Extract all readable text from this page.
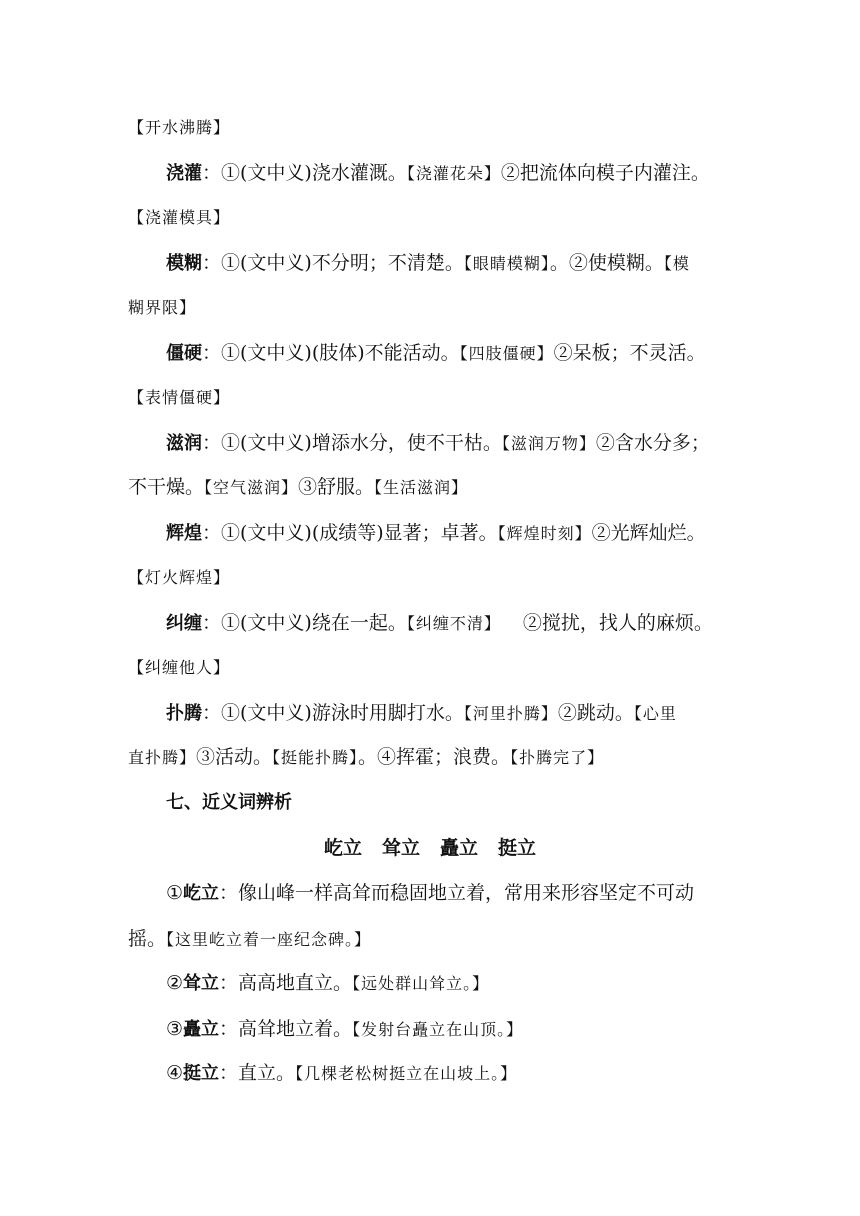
【开水沸腾】
浇灌：①(文中义)浇水灌溉。【浇灌花朵】②把流体向模子内灌注。
【浇灌模具】
模糊：①(文中义)不分明；不清楚。【眼睛模糊】。②使模糊。【模
糊界限】
僵硬：①(文中义)(肢体)不能活动。【四肢僵硬】②呆板；不灵活。
【表情僵硬】
滋润：①(文中义)增添水分，使不干枯。【滋润万物】②含水分多；
不干燥。【空气滋润】③舒服。【生活滋润】
辉煌：①(文中义)(成绩等)显著；卓著。【辉煌时刻】②光辉灿烂。
【灯火辉煌】
纠缠：①(文中义)绕在一起。【纠缠不清】 ②搅扰，找人的麻烦。
【纠缠他人】
扑腾：①(文中义)游泳时用脚打水。【河里扑腾】②跳动。【心里
直扑腾】③活动。【挺能扑腾】。④挥霍；浪费。【扑腾完了】
七、近义词辨析
屹立 耸立 矗立 挺立
①屹立：像山峰一样高耸而稳固地立着，常用来形容坚定不可动
摇。【这里屹立着一座纪念碑。】
②耸立：高高地直立。【远处群山耸立。】
③矗立：高耸地立着。【发射台矗立在山顶。】
④挺立：直立。【几棵老松树挺立在山坡上。】
